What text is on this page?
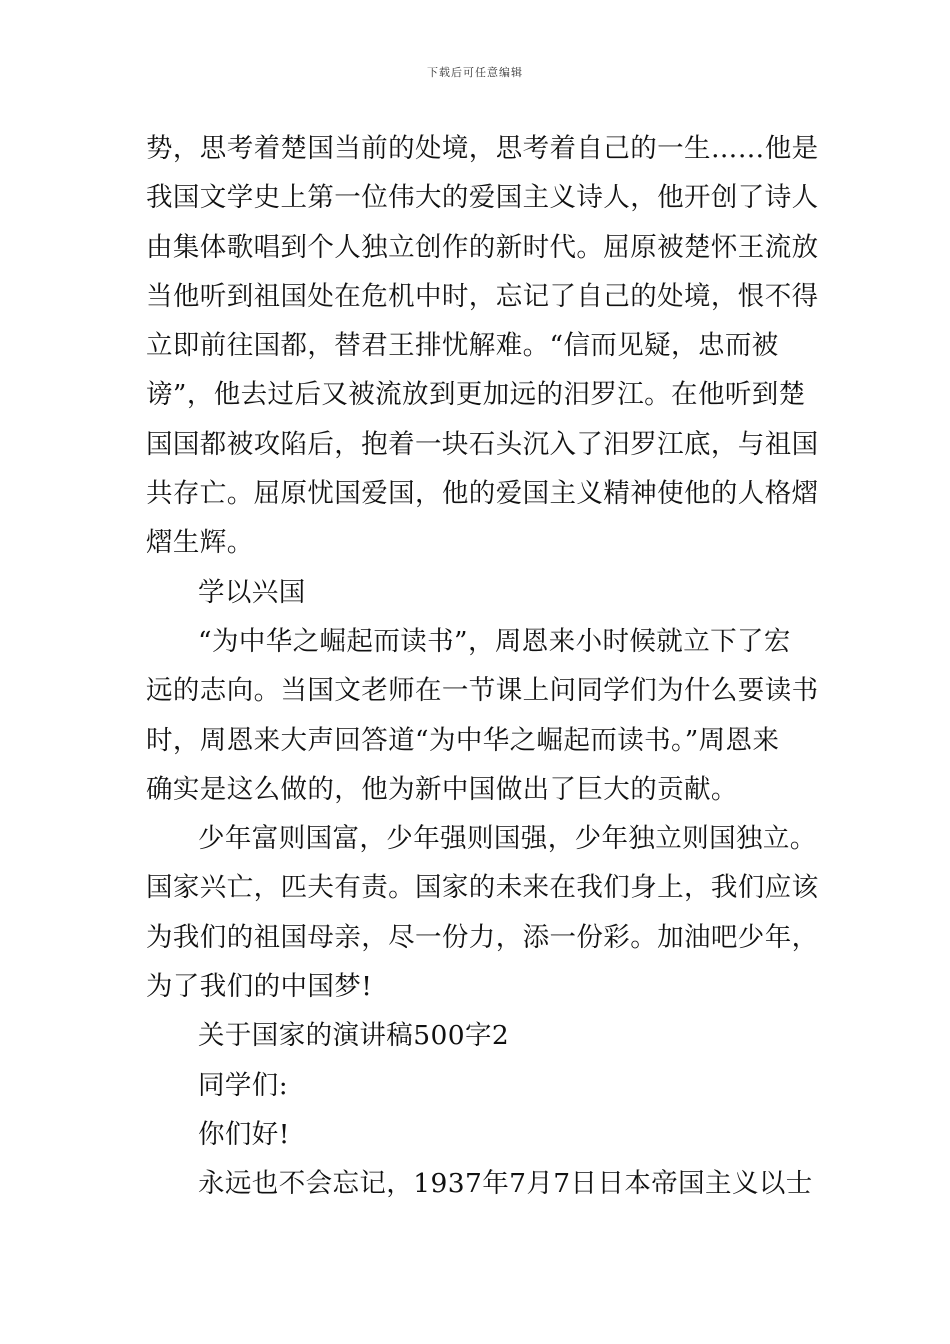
下载后可任意编辑
势，思考着楚国当前的处境，思考着自己的一生……他是
我国文学史上第一位伟大的爱国主义诗人，他开创了诗人
由集体歌唱到个人独立创作的新时代。屈原被楚怀王流放
当他听到祖国处在危机中时，忘记了自己的处境，恨不得
立即前往国都，替君王排忧解难。“信而见疑，忠而被
谤”，他去过后又被流放到更加远的汨罗江。在他听到楚
国国都被攻陷后，抱着一块石头沉入了汨罗江底，与祖国
共存亡。屈原忧国爱国，他的爱国主义精神使他的人格熠
熠生辉。
学以兴国
“为中华之崛起而读书”，周恩来小时候就立下了宏
远的志向。当国文老师在一节课上问同学们为什么要读书
时，周恩来大声回答道“为中华之崛起而读书。”周恩来
确实是这么做的，他为新中国做出了巨大的贡献。
少年富则国富，少年强则国强，少年独立则国独立。
国家兴亡，匹夫有责。国家的未来在我们身上，我们应该
为我们的祖国母亲，尽一份力，添一份彩。加油吧少年，
为了我们的中国梦!
关于国家的演讲稿500字2
同学们:
你们好!
永远也不会忘记，1937年7月7日日本帝国主义以士
